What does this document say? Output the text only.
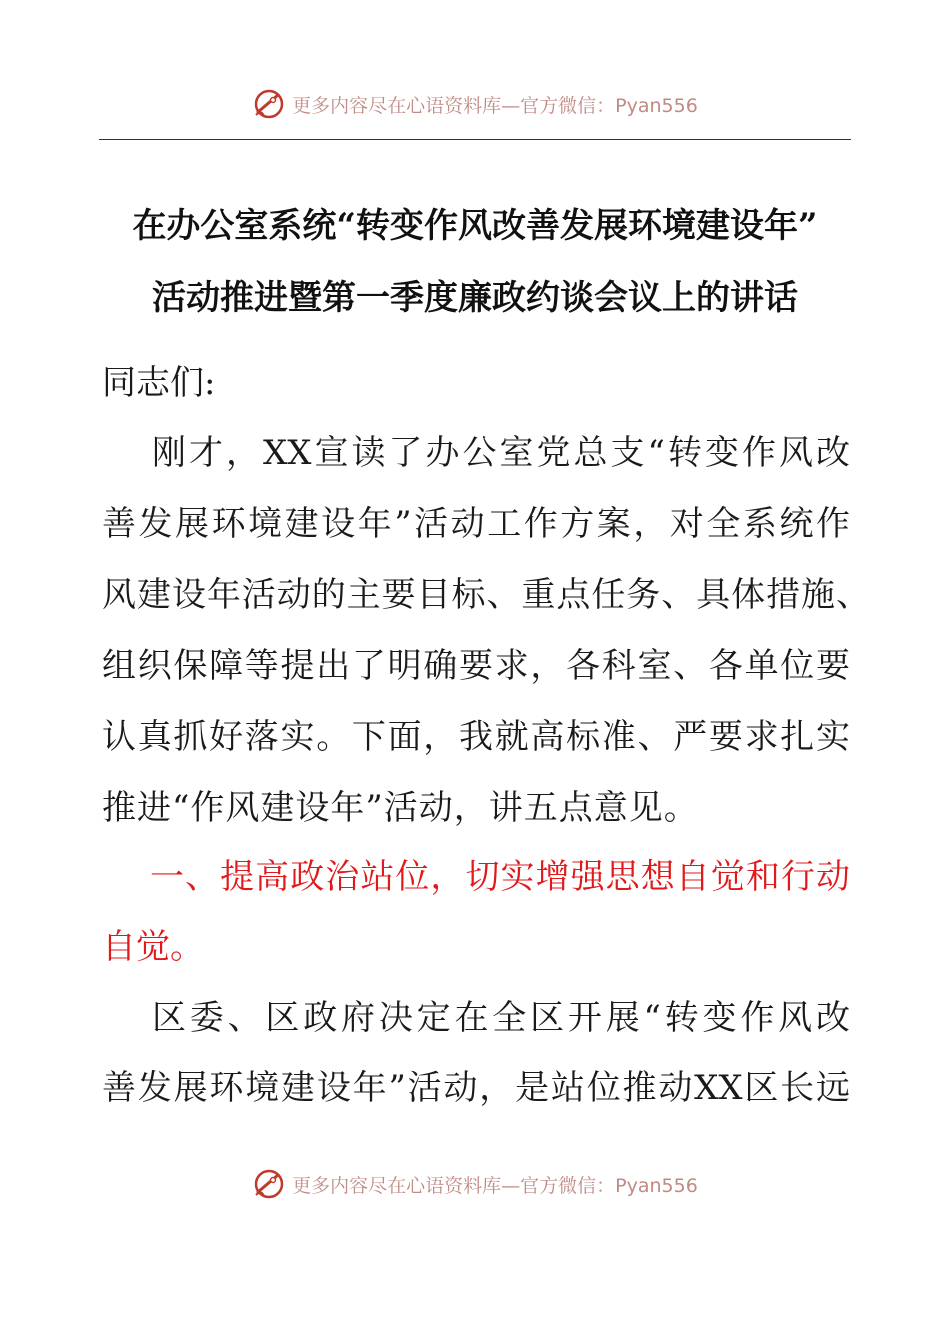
更多内容尽在心语资料库—官方微信：Pyan556
在办公室系统“转变作风改善发展环境建设年”
活动推进暨第一季度廉政约谈会议上的讲话
同志们:
刚才，XX宣读了办公室党总支“转变作风改
善发展环境建设年”活动工作方案，对全系统作
风建设年活动的主要目标、重点任务、具体措施、
组织保障等提出了明确要求，各科室、各单位要
认真抓好落实。下面，我就高标准、严要求扎实
推进“作风建设年”活动，讲五点意见。
一、提高政治站位，切实增强思想自觉和行动
自觉。
区委、区政府决定在全区开展“转变作风改
善发展环境建设年”活动，是站位推动XX区长远
更多内容尽在心语资料库—官方微信：Pyan556
